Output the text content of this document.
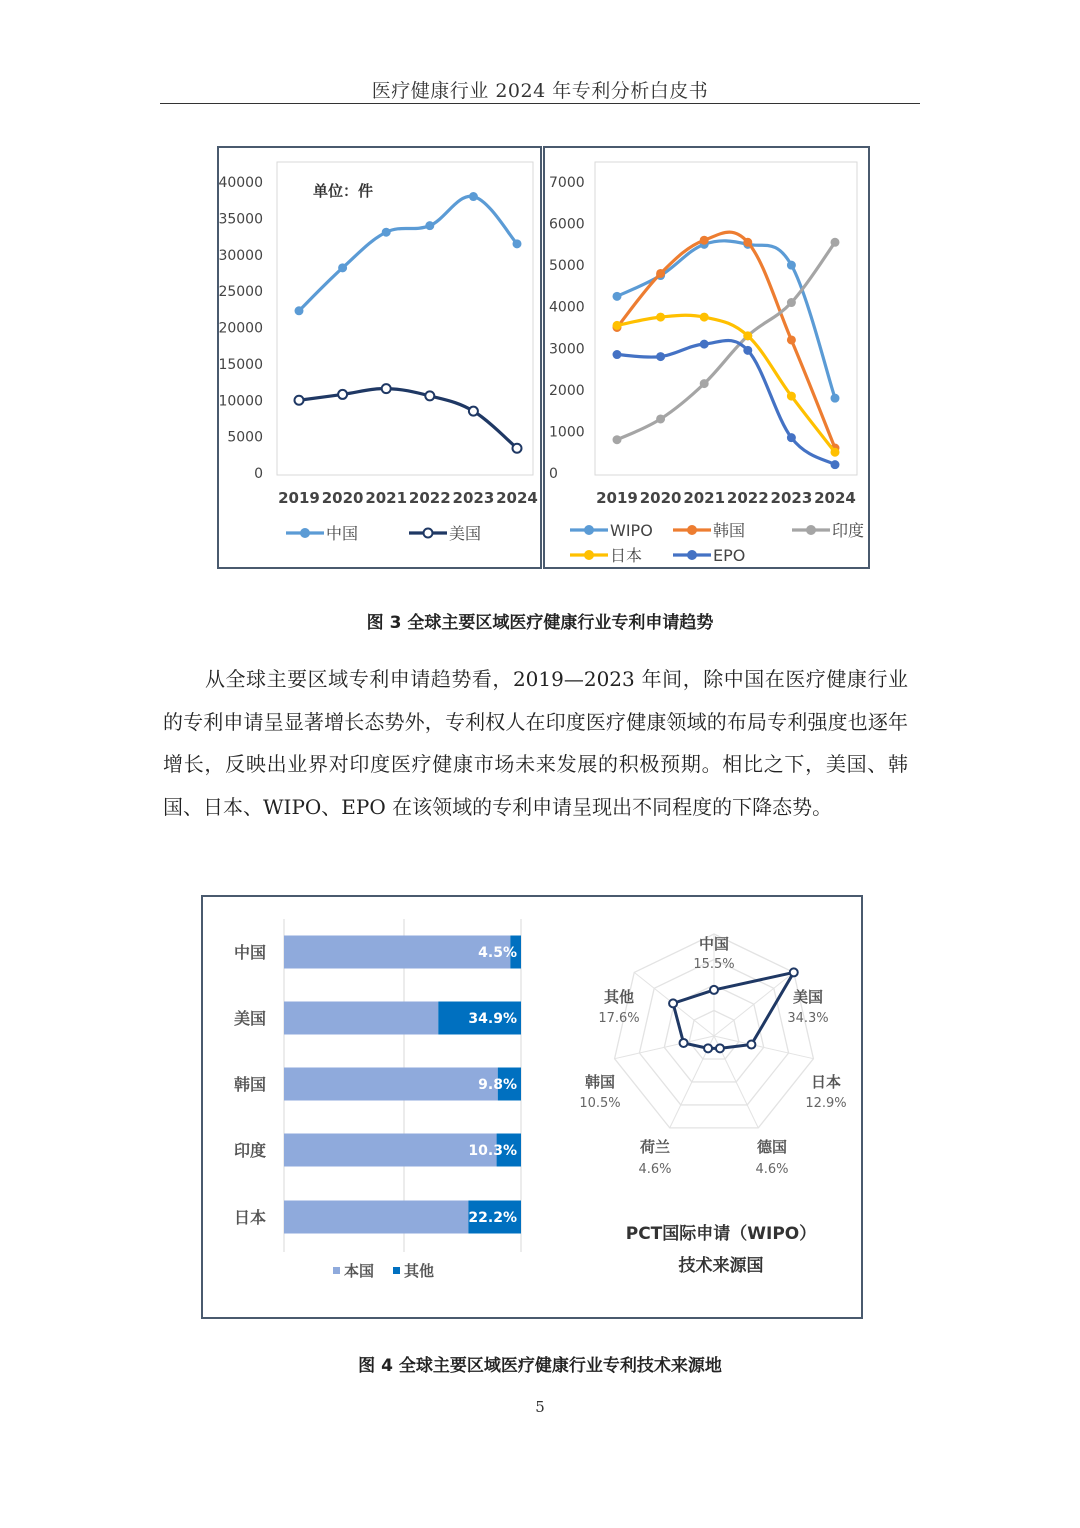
医疗健康行业 2024 年专利分析白皮书
0
5000
10000
15000
20000
25000
30000
35000
40000
2019 2020 2021 2022 2023 2024
中国	美国
单位：件
0
1000
2000
3000
4000
5000
6000
7000
2019 2020 2021 2022 2023 2024
WIPO	韩国	印度
日本	EPO
图 3 全球主要区域医疗健康行业专利申请趋势

从全球主要区域专利申请趋势看，2019—2023 年间，除中国在医疗健康行业的专利申请呈显著增长态势外，专利权人在印度医疗健康领域的布局专利强度也逐年增长，反映出业界对印度医疗健康市场未来发展的积极预期。相比之下，美国、韩国、日本、WIPO、EPO 在该领域的专利申请呈现出不同程度的下降态势。

中国	4.5%
美国	34.9%
韩国	9.8%
印度	10.3%
日本	22.2%
本国 其他
中国
15.5%
美国
34.3%
日本
12.9%
德国
4.6%
荷兰
4.6%
韩国
10.5%
其他
17.6%
PCT国际申请（WIPO）
技术来源国
图 4 全球主要区域医疗健康行业专利技术来源地
5
